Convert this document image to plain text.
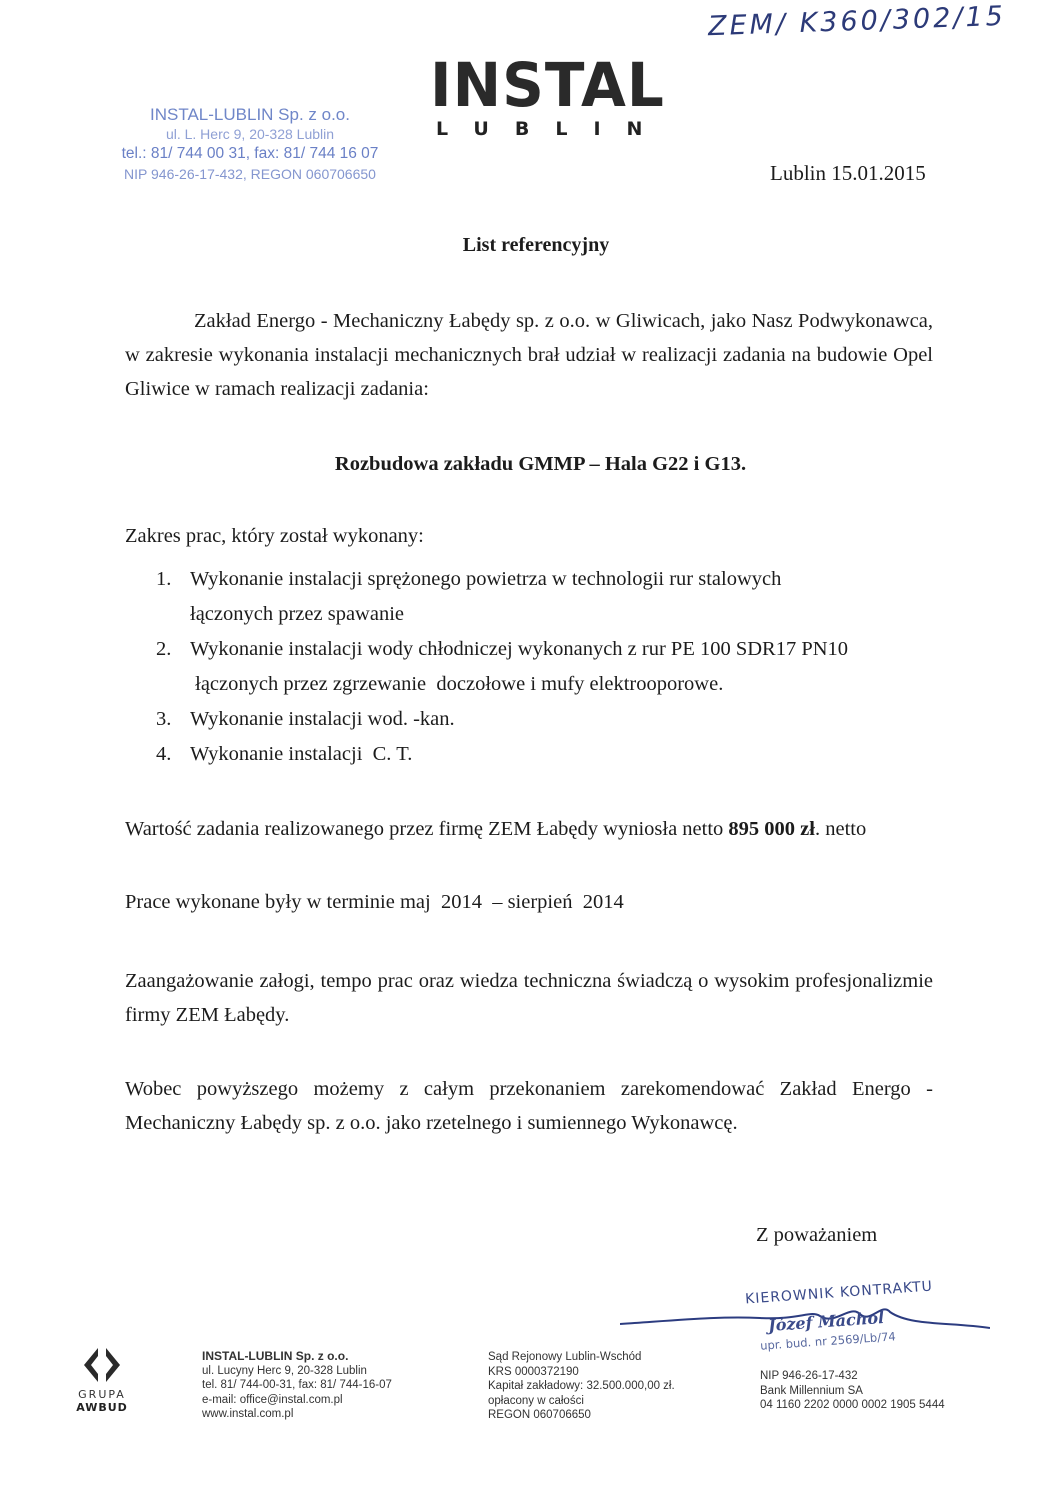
ZEM/ K360/302/15
INSTAL-LUBLIN Sp. z o.o.
ul. L. Herc 9, 20-328 Lublin
tel.: 81/ 744 00 31, fax: 81/ 744 16 07
NIP 946-26-17-432, REGON 060706650
INSTAL
LUBLIN
Lublin 15.01.2015
List referencyjny
Zakład Energo - Mechaniczny Łabędy sp. z o.o. w Gliwicach, jako Nasz Podwykonawca, w zakresie wykonania instalacji mechanicznych brał udział w realizacji zadania na budowie Opel Gliwice w ramach realizacji zadania:
Rozbudowa zakładu GMMP – Hala G22 i G13.
Zakres prac, który został wykonany:
1. Wykonanie instalacji sprężonego powietrza w technologii rur stalowych
łączonych przez spawanie
2. Wykonanie instalacji wody chłodniczej wykonanych z rur PE 100 SDR17 PN10
łączonych przez zgrzewanie  doczołowe i mufy elektrooporowe.
3. Wykonanie instalacji wod. -kan.
4. Wykonanie instalacji  C. T.
Wartość zadania realizowanego przez firmę ZEM Łabędy wyniosła netto 895 000 zł. netto
Prace wykonane były w terminie maj  2014  – sierpień  2014
Zaangażowanie załogi, tempo prac oraz wiedza techniczna świadczą o wysokim profesjonalizmie firmy ZEM Łabędy.
Wobec powyższego możemy z całym przekonaniem zarekomendować Zakład Energo - Mechaniczny Łabędy sp. z o.o. jako rzetelnego i sumiennego Wykonawcę.
Z poważaniem
KIEROWNIK KONTRAKTU
Józef Machol
upr. bud. nr 2569/Lb/74
GRUPA
AWBUD
INSTAL-LUBLIN Sp. z o.o.
ul. Lucyny Herc 9, 20-328 Lublin
tel. 81/ 744-00-31, fax: 81/ 744-16-07
e-mail: office@instal.com.pl
www.instal.com.pl
Sąd Rejonowy Lublin-Wschód
KRS 0000372190
Kapitał zakładowy: 32.500.000,00 zł.
opłacony w całości
REGON 060706650
NIP 946-26-17-432
Bank Millennium SA
04 1160 2202 0000 0002 1905 5444
